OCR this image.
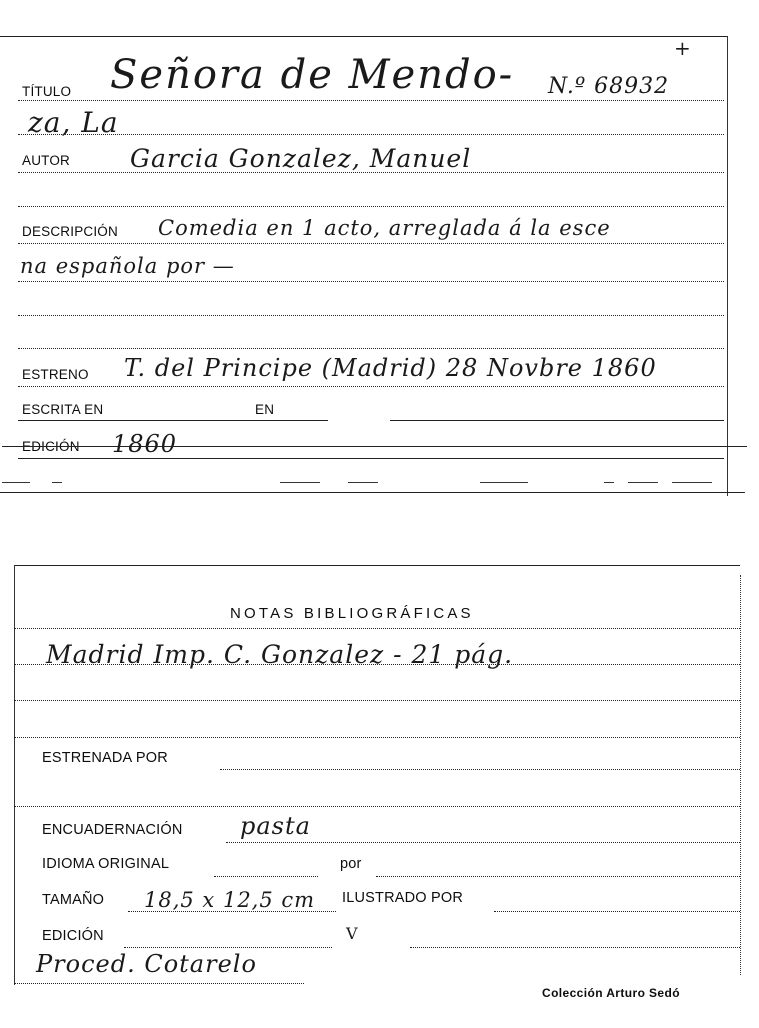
TÍTULO Señora de Mendo- N.º 68932
+
za, La
AUTOR Garcia Gonzalez, Manuel
DESCRIPCIÓN Comedia en 1 acto, arreglada á la esce
na española por —
ESTRENO T. del Principe (Madrid) 28 Novbre 1860
ESCRITA EN	EN
EDICIÓN 1860
NOTAS BIBLIOGRÁFICAS
Madrid Imp. C. Gonzalez - 21 pág.
ESTRENADA POR
ENCUADERNACIÓN pasta
IDIOMA ORIGINAL	por
TAMAÑO 18,5 x 12,5 cm ILUSTRADO POR
EDICIÓN	V
Proced. Cotarelo
Colección Arturo Sedó
